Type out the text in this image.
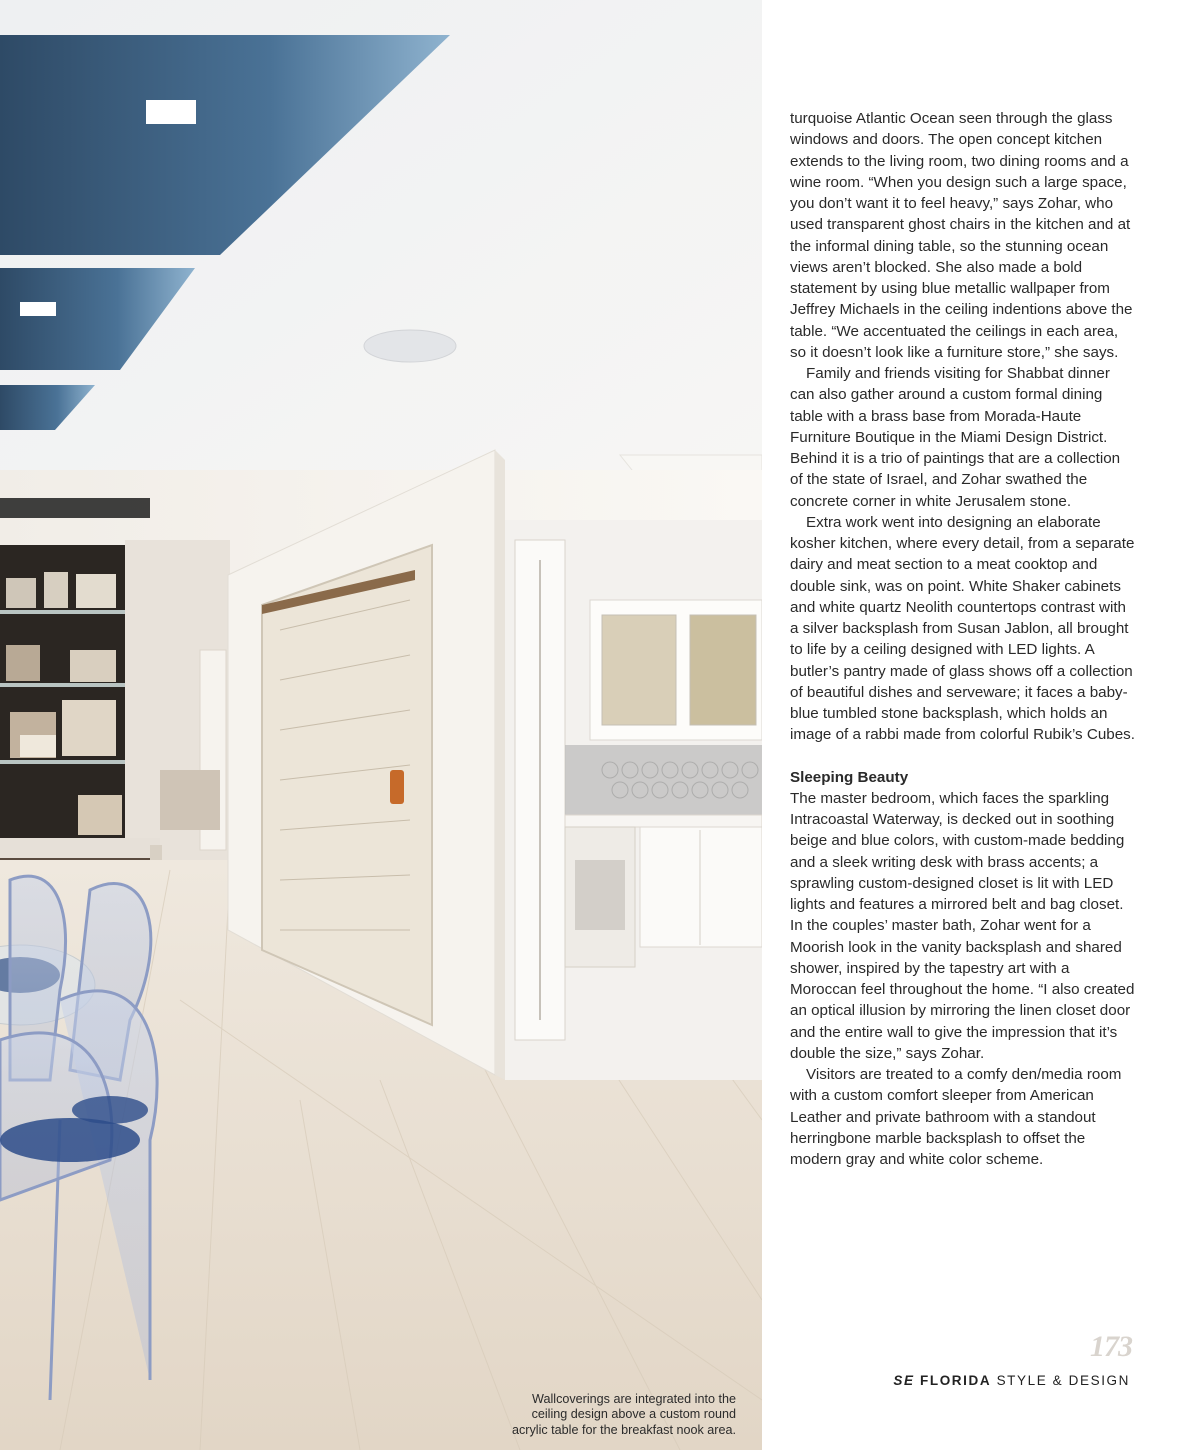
Wallcoverings are integrated into the
ceiling design above a custom round
acrylic table for the breakfast nook area.

turquoise Atlantic Ocean seen through the glass windows and doors. The open concept kitchen extends to the living room, two dining rooms and a wine room. “When you design such a large space, you don’t want it to feel heavy,” says Zohar, who used transparent ghost chairs in the kitchen and at the informal dining table, so the stunning ocean views aren’t blocked. She also made a bold statement by using blue metallic wallpaper from Jeffrey Michaels in the ceiling indentions above the table. “We accentuated the ceilings in each area, so it doesn’t look like a furniture store,” she says.

Family and friends visiting for Shabbat dinner can also gather around a custom formal dining table with a brass base from Morada-Haute Furniture Boutique in the Miami Design District. Behind it is a trio of paintings that are a collection of the state of Israel, and Zohar swathed the concrete corner in white Jerusalem stone.

Extra work went into designing an elaborate kosher kitchen, where every detail, from a separate dairy and meat section to a meat cooktop and double sink, was on point. White Shaker cabinets and white quartz Neolith countertops contrast with a silver backsplash from Susan Jablon, all brought to life by a ceiling designed with LED lights. A butler’s pantry made of glass shows off a collection of beautiful dishes and serveware; it faces a baby-blue tumbled stone backsplash, which holds an image of a rabbi made from colorful Rubik’s Cubes.

Sleeping Beauty

The master bedroom, which faces the sparkling Intracoastal Waterway, is decked out in soothing beige and blue colors, with custom-made bedding and a sleek writing desk with brass accents; a sprawling custom-designed closet is lit with LED lights and features a mirrored belt and bag closet. In the couples’ master bath, Zohar went for a Moorish look in the vanity backsplash and shared shower, inspired by the tapestry art with a Moroccan feel throughout the home. “I also created an optical illusion by mirroring the linen closet door and the entire wall to give the impression that it’s double the size,” says Zohar.

Visitors are treated to a comfy den/media room with a custom comfort sleeper from American Leather and private bathroom with a standout herringbone marble backsplash to offset the modern gray and white color scheme.

173
SE FLORIDA STYLE & DESIGN
